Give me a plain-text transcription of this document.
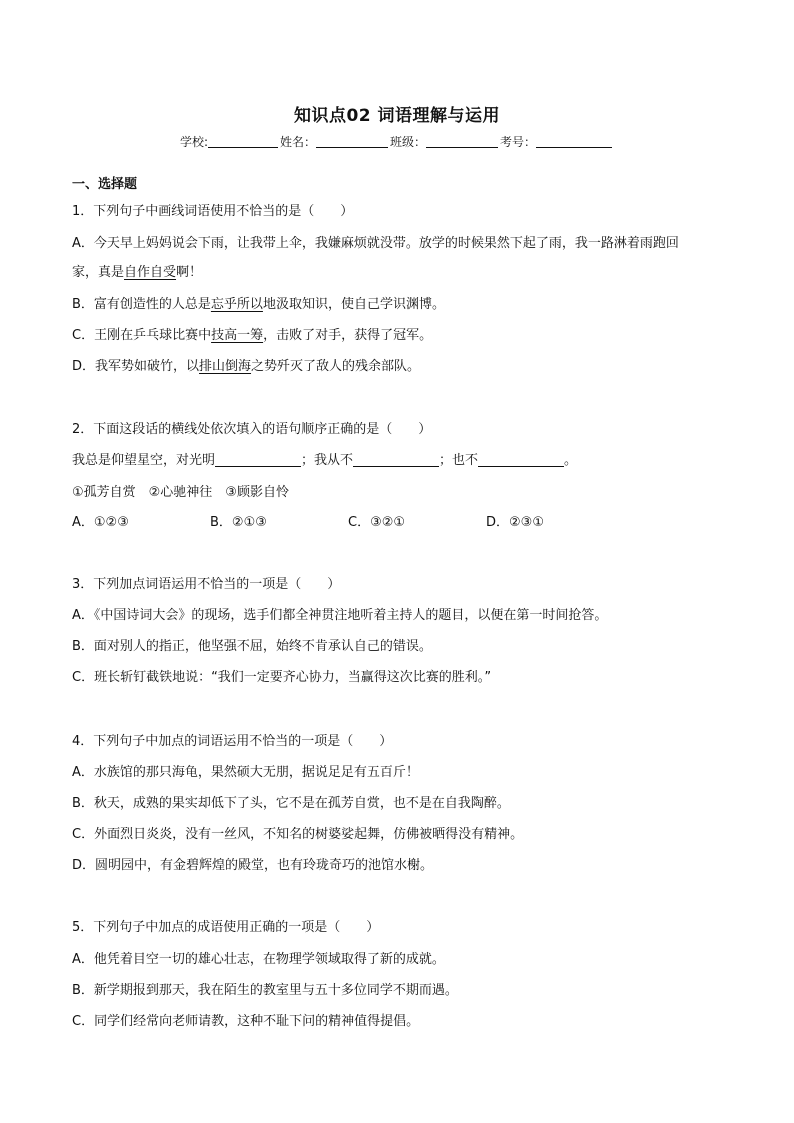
知识点02 词语理解与运用
学校:	姓名：	班级：	考号：
一、选择题
1．下列句子中画线词语使用不恰当的是（　　）
A．今天早上妈妈说会下雨，让我带上伞，我嫌麻烦就没带。放学的时候果然下起了雨，我一路淋着雨跑回
家，真是自作自受啊！
B．富有创造性的人总是忘乎所以地汲取知识，使自己学识渊博。
C．王刚在乒乓球比赛中技高一筹，击败了对手，获得了冠军。
D．我军势如破竹，以排山倒海之势歼灭了敌人的残余部队。
2．下面这段话的横线处依次填入的语句顺序正确的是（　　）
我总是仰望星空，对光明	；我从不	；也不	。
①孤芳自赏　②心驰神往　③顾影自怜
A．①②③	B．②①③	C．③②①	D．②③①
3．下列加点词语运用不恰当的一项是（　　）
A．《中国诗词大会》的现场，选手们都全神贯注地听着主持人的题目，以便在第一时间抢答。
B．面对别人的指正，他坚强不屈，始终不肯承认自己的错误。
C．班长斩钉截铁地说：“我们一定要齐心协力，当赢得这次比赛的胜利。”
4．下列句子中加点的词语运用不恰当的一项是（　　）
A．水族馆的那只海龟，果然硕大无朋，据说足足有五百斤！
B．秋天，成熟的果实却低下了头，它不是在孤芳自赏，也不是在自我陶醉。
C．外面烈日炎炎，没有一丝风，不知名的树婆娑起舞，仿佛被晒得没有精神。
D．圆明园中，有金碧辉煌的殿堂，也有玲珑奇巧的池馆水榭。
5．下列句子中加点的成语使用正确的一项是（　　）
A．他凭着目空一切的雄心壮志，在物理学领域取得了新的成就。
B．新学期报到那天，我在陌生的教室里与五十多位同学不期而遇。
C．同学们经常向老师请教，这种不耻下问的精神值得提倡。
